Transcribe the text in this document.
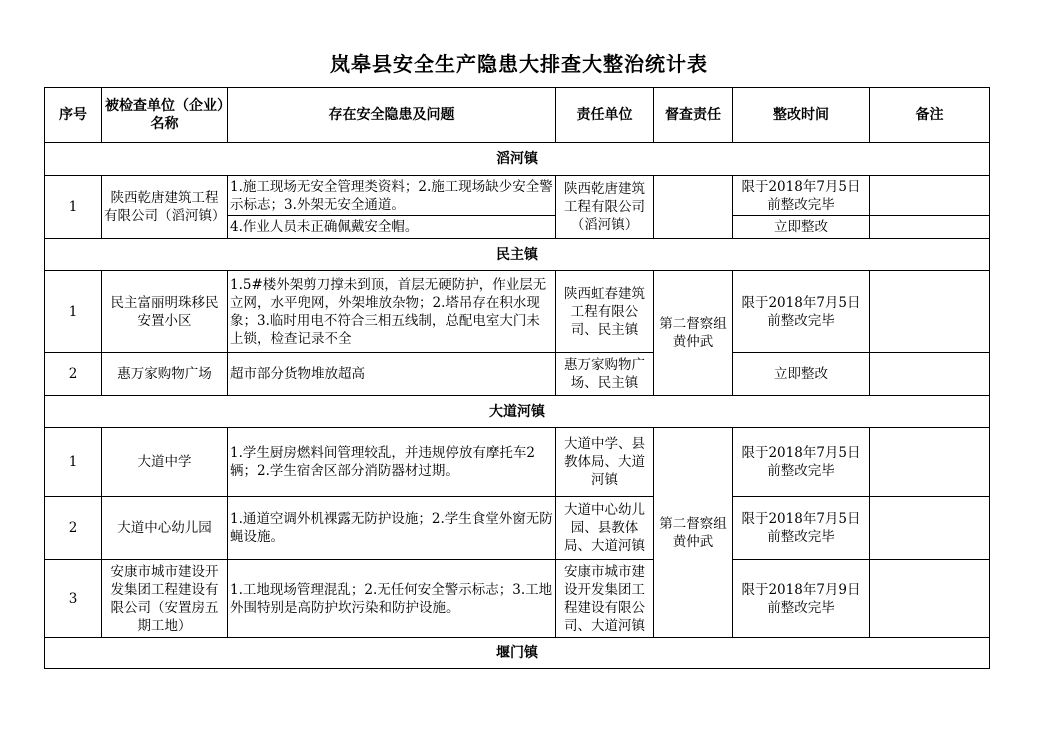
岚皋县安全生产隐患大排查大整治统计表
序号	被检查单位（企业）名称	存在安全隐患及问题	责任单位	督查责任	整改时间	备注
滔河镇						
1	陕西乾唐建筑工程有限公司（滔河镇）	1.施工现场无安全管理类资料；2.施工现场缺少安全警示标志；3.外架无安全通道。	陕西乾唐建筑工程有限公司（滔河镇）		限于2018年7月5日前整改完毕	
		4.作业人员未正确佩戴安全帽。			立即整改	
民主镇						
1	民主富丽明珠移民安置小区	1.5#楼外架剪刀撑未到顶，首层无硬防护，作业层无立网，水平兜网，外架堆放杂物；2.塔吊存在积水现象；3.临时用电不符合三相五线制，总配电室大门未上锁，检查记录不全	陕西虹春建筑工程有限公司、民主镇	第二督察组黄仲武	限于2018年7月5日前整改完毕	
2	惠万家购物广场	超市部分货物堆放超高	惠万家购物广场、民主镇		立即整改	
大道河镇						
1	大道中学	1.学生厨房燃料间管理较乱，并违规停放有摩托车2辆；2.学生宿舍区部分消防器材过期。	大道中学、县教体局、大道河镇	第二督察组黄仲武	限于2018年7月5日前整改完毕	
2	大道中心幼儿园	1.通道空调外机裸露无防护设施；2.学生食堂外窗无防蝇设施。	大道中心幼儿园、县教体局、大道河镇		限于2018年7月5日前整改完毕	
3	安康市城市建设开发集团工程建设有限公司（安置房五期工地）	1.工地现场管理混乱；2.无任何安全警示标志；3.工地外围特别是高防护坎污染和防护设施。	安康市城市建设开发集团工程建设有限公司、大道河镇		限于2018年7月9日前整改完毕	
堰门镇						
